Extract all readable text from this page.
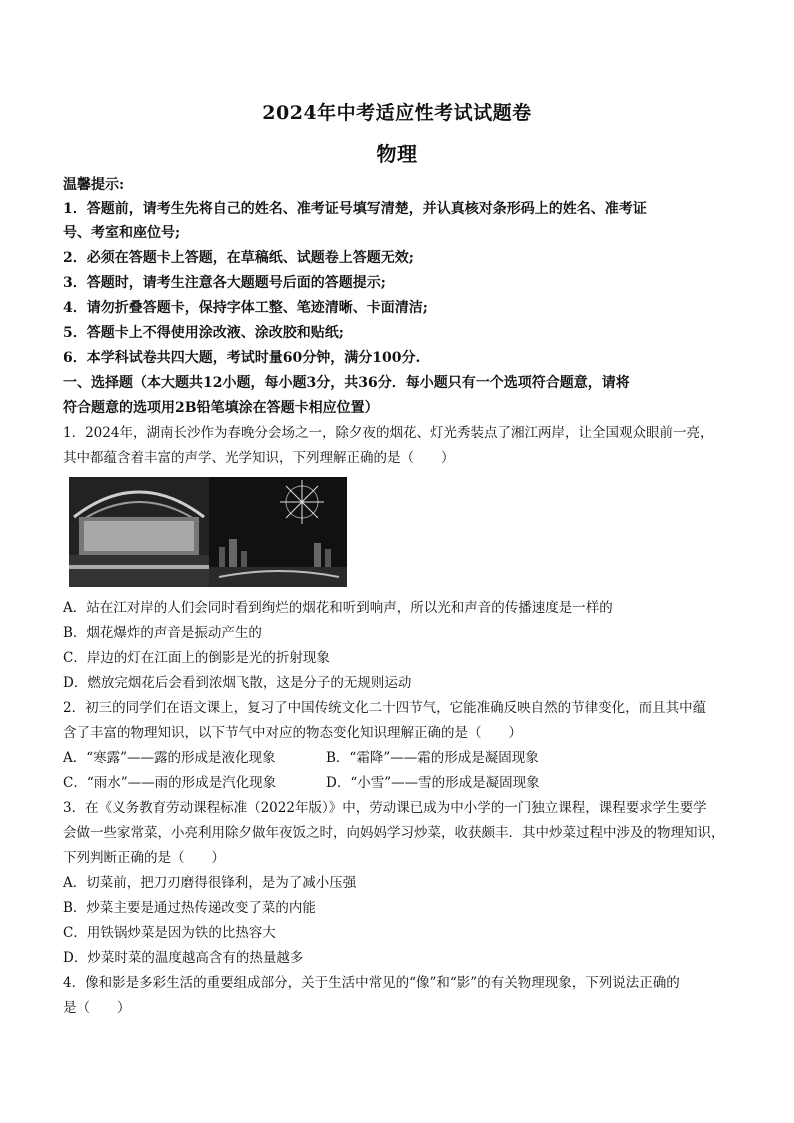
2024年中考适应性考试试题卷
物理
温馨提示:
1．答题前，请考生先将自己的姓名、准考证号填写清楚，并认真核对条形码上的姓名、准考证
号、考室和座位号;
2．必须在答题卡上答题，在草稿纸、试题卷上答题无效;
3．答题时，请考生注意各大题题号后面的答题提示;
4．请勿折叠答题卡，保持字体工整、笔迹清晰、卡面清洁;
5．答题卡上不得使用涂改液、涂改胶和贴纸;
6．本学科试卷共四大题，考试时量60分钟，满分100分.
一、选择题（本大题共12小题，每小题3分，共36分．每小题只有一个选项符合题意，请将
符合题意的选项用2B铅笔填涂在答题卡相应位置）
1．2024年，湖南长沙作为春晚分会场之一，除夕夜的烟花、灯光秀装点了湘江两岸，让全国观众眼前一亮，
其中都蕴含着丰富的声学、光学知识，下列理解正确的是（　　）
A．站在江对岸的人们会同时看到绚烂的烟花和听到响声，所以光和声音的传播速度是一样的
B．烟花爆炸的声音是振动产生的
C．岸边的灯在江面上的倒影是光的折射现象
D．燃放完烟花后会看到浓烟飞散，这是分子的无规则运动
2．初三的同学们在语文课上，复习了中国传统文化二十四节气，它能准确反映自然的节律变化，而且其中蕴
含了丰富的物理知识，以下节气中对应的物态变化知识理解正确的是（　　）
A．“寒露”——露的形成是液化现象	B．“霜降”——霜的形成是凝固现象
C．“雨水”——雨的形成是汽化现象	D．“小雪”——雪的形成是凝固现象
3．在《义务教育劳动课程标准（2022年版）》中，劳动课已成为中小学的一门独立课程，课程要求学生要学
会做一些家常菜，小亮利用除夕做年夜饭之时，向妈妈学习炒菜，收获颇丰．其中炒菜过程中涉及的物理知识，
下列判断正确的是（　　）
A．切菜前，把刀刃磨得很锋利，是为了减小压强
B．炒菜主要是通过热传递改变了菜的内能
C．用铁锅炒菜是因为铁的比热容大
D．炒菜时菜的温度越高含有的热量越多
4．像和影是多彩生活的重要组成部分，关于生活中常见的“像”和“影”的有关物理现象，下列说法正确的
是（　　）
